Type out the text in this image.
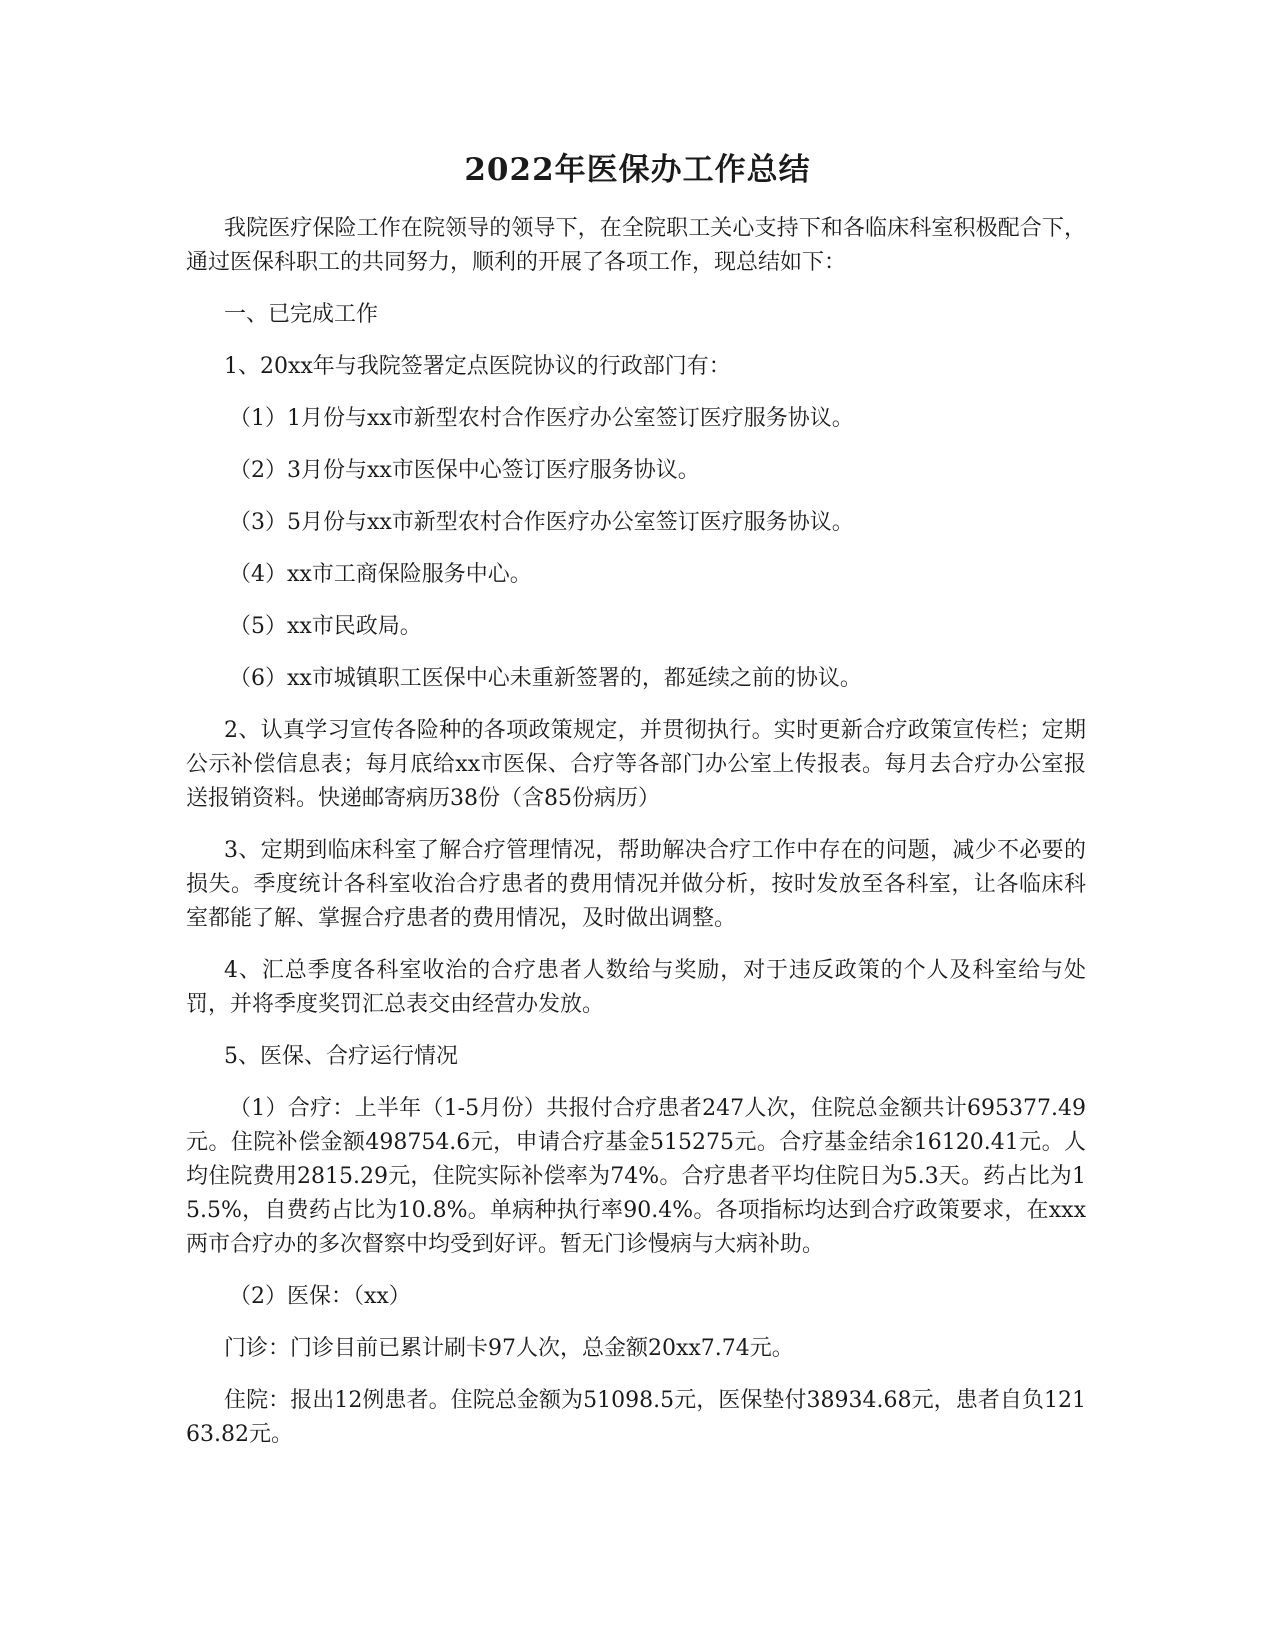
2022年医保办工作总结

我院医疗保险工作在院领导的领导下，在全院职工关心支持下和各临床科室积极配合下，通过医保科职工的共同努力，顺利的开展了各项工作，现总结如下：

一、已完成工作

1、20xx年与我院签署定点医院协议的行政部门有：

（1）1月份与xx市新型农村合作医疗办公室签订医疗服务协议。

（2）3月份与xx市医保中心签订医疗服务协议。

（3）5月份与xx市新型农村合作医疗办公室签订医疗服务协议。

（4）xx市工商保险服务中心。

（5）xx市民政局。

（6）xx市城镇职工医保中心未重新签署的，都延续之前的协议。

2、认真学习宣传各险种的各项政策规定，并贯彻执行。实时更新合疗政策宣传栏；定期公示补偿信息表；每月底给xx市医保、合疗等各部门办公室上传报表。每月去合疗办公室报送报销资料。快递邮寄病历38份（含85份病历）

3、定期到临床科室了解合疗管理情况，帮助解决合疗工作中存在的问题，减少不必要的损失。季度统计各科室收治合疗患者的费用情况并做分析，按时发放至各科室，让各临床科室都能了解、掌握合疗患者的费用情况，及时做出调整。

4、汇总季度各科室收治的合疗患者人数给与奖励，对于违反政策的个人及科室给与处罚，并将季度奖罚汇总表交由经营办发放。

5、医保、合疗运行情况

（1）合疗：上半年（1-5月份）共报付合疗患者247人次，住院总金额共计695377.49元。住院补偿金额498754.6元，申请合疗基金515275元。合疗基金结余16120.41元。人均住院费用2815.29元，住院实际补偿率为74%。合疗患者平均住院日为5.3天。药占比为15.5%，自费药占比为10.8%。单病种执行率90.4%。各项指标均达到合疗政策要求，在xxx两市合疗办的多次督察中均受到好评。暂无门诊慢病与大病补助。

（2）医保：（xx）

门诊：门诊目前已累计刷卡97人次，总金额20xx7.74元。

住院：报出12例患者。住院总金额为51098.5元，医保垫付38934.68元，患者自负12163.82元。
